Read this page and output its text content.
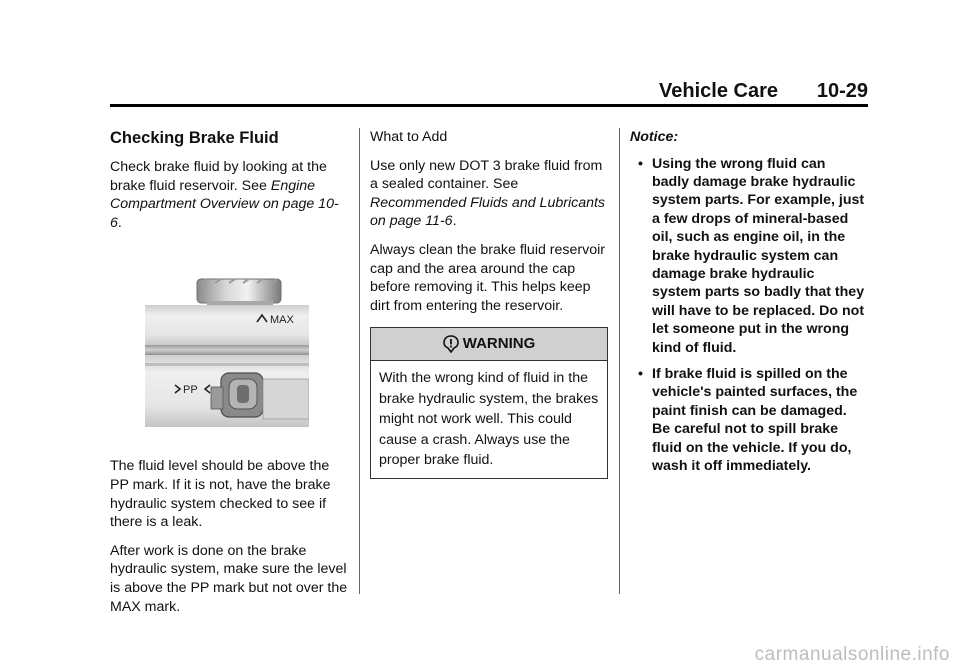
Vehicle Care 10-29
Checking Brake Fluid

Check brake fluid by looking at the brake fluid reservoir. See Engine Compartment Overview on page 10-6.

MAX
PP

The fluid level should be above the PP mark. If it is not, have the brake hydraulic system checked to see if there is a leak.

After work is done on the brake hydraulic system, make sure the level is above the PP mark but not over the MAX mark.

What to Add

Use only new DOT 3 brake fluid from a sealed container. See Recommended Fluids and Lubricants on page 11-6.

Always clean the brake fluid reservoir cap and the area around the cap before removing it. This helps keep dirt from entering the reservoir.

WARNING
With the wrong kind of fluid in the brake hydraulic system, the brakes might not work well. This could cause a crash. Always use the proper brake fluid.
Notice:
• Using the wrong fluid can badly damage brake hydraulic system parts. For example, just a few drops of mineral-based oil, such as engine oil, in the brake hydraulic system can damage brake hydraulic system parts so badly that they will have to be replaced. Do not let someone put in the wrong kind of fluid.
• If brake fluid is spilled on the vehicle's painted surfaces, the paint finish can be damaged. Be careful not to spill brake fluid on the vehicle. If you do, wash it off immediately.
carmanualsonline.info
